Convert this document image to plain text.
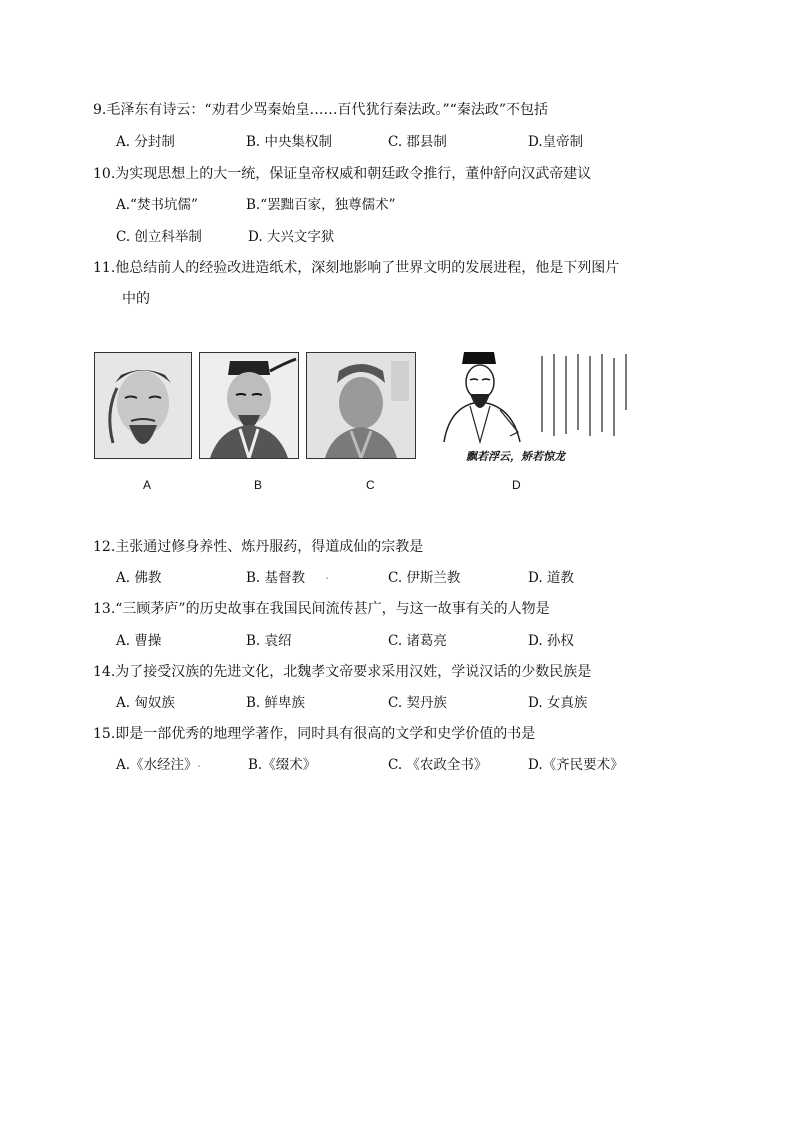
9.毛泽东有诗云：“劝君少骂秦始皇……百代犹行秦法政。”“秦法政”不包括
A. 分封制	B. 中央集权制	C. 郡县制	D.皇帝制
10.为实现思想上的大一统，保证皇帝权威和朝廷政令推行，董仲舒向汉武帝建议
A.“焚书坑儒”	B.“罢黜百家，独尊儒术”
C. 创立科举制	D. 大兴文字狱
11.他总结前人的经验改进造纸术，深刻地影响了世界文明的发展进程，他是下列图片
中的
飘若浮云，矫若惊龙
A	B	C	D
12.主张通过修身养性、炼丹服药，得道成仙的宗教是
A. 佛教	B. 基督教 .	C. 伊斯兰教	D. 道教
13.“三顾茅庐”的历史故事在我国民间流传甚广，与这一故事有关的人物是
A. 曹操	B. 袁绍	C. 诸葛亮	D. 孙权
14.为了接受汉族的先进文化，北魏孝文帝要求采用汉姓，学说汉话的少数民族是
A. 匈奴族	B. 鲜卑族	C. 契丹族	D. 女真族
15.即是一部优秀的地理学著作，同时具有很高的文学和史学价值的书是
A.《水经注》 .	B.《缀术》	C. 《农政全书》	D.《齐民要术》
